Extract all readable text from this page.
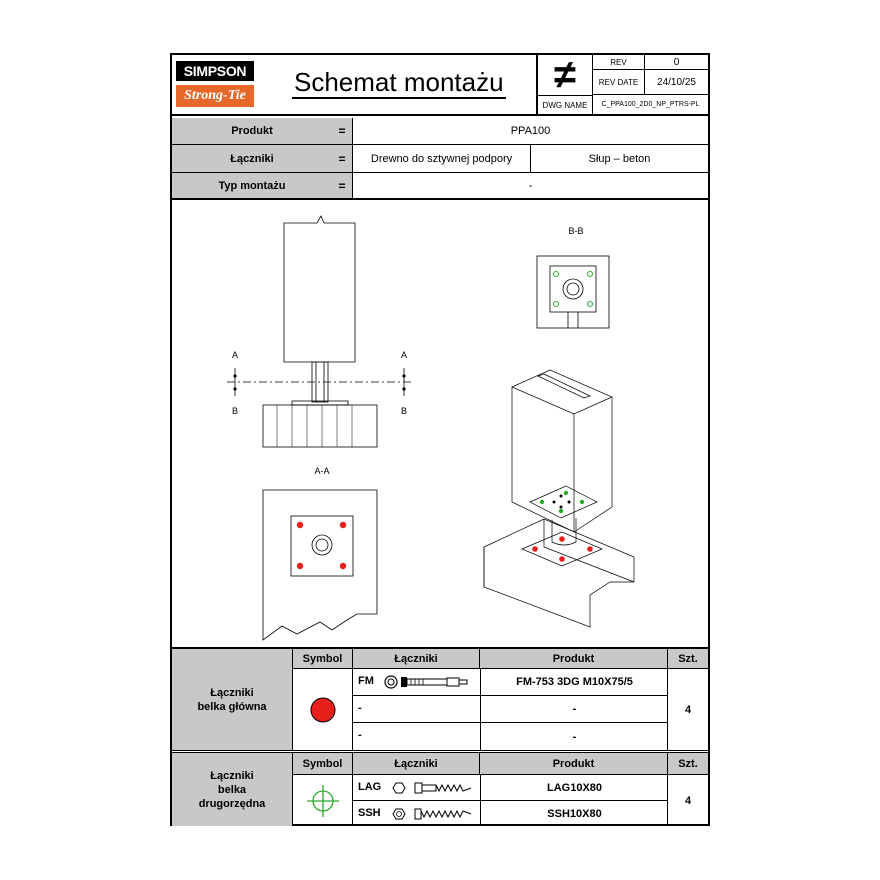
SIMPSON
Strong-Tie	Schemat montażu	≠
DWG NAME
REV	0
REV DATE	24/10/25
C_PPA100_2D0_NP_PTRS-PL
Produkt	=	PPA100
Łączniki	=	Drewno do sztywnej podpory	Słup – beton
Typ montażu	=	-
A
B
A
B
A-A
B-B
Łączniki
belka główna
Symbol	Łączniki	Produkt	Szt.
FM	FM-753 3DG M10X75/5
-	-
-	-
4
Łączniki
belka
drugorzędna
Symbol	Łączniki	Produkt	Szt.
LAG	LAG10X80
SSH	SSH10X80
4
